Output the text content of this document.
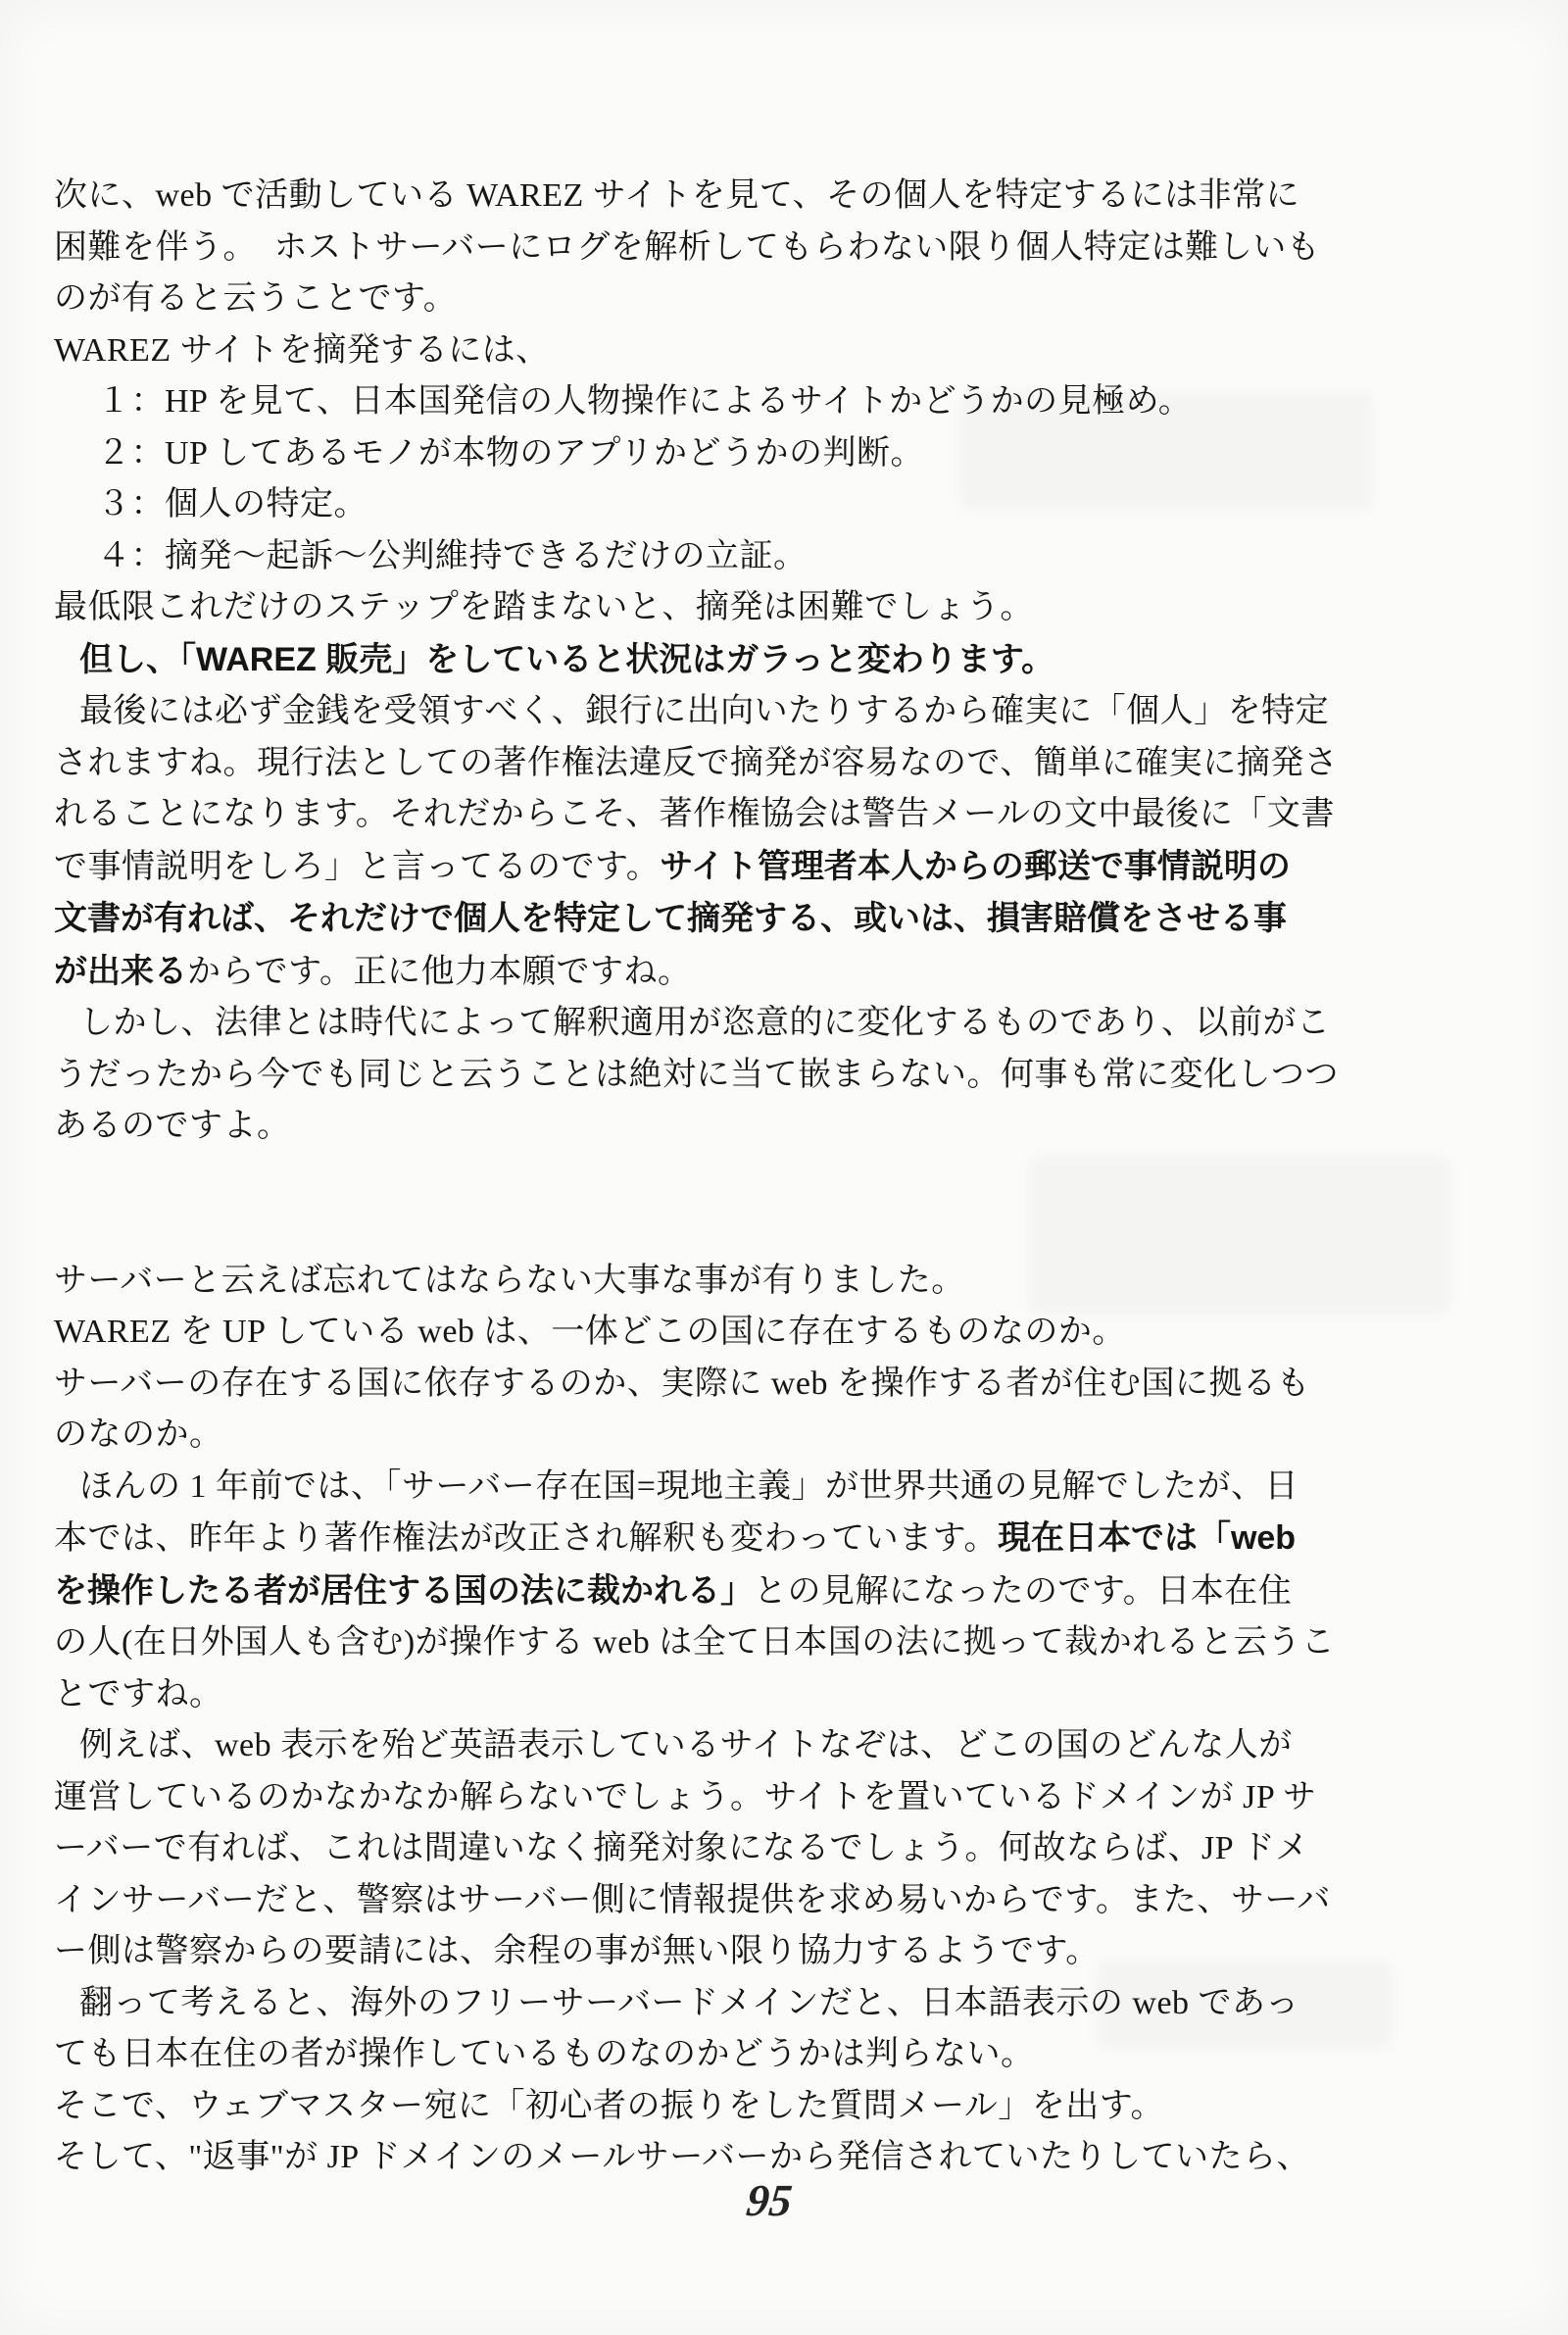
次に、web で活動している WAREZ サイトを見て、その個人を特定するには非常に
困難を伴う。　ホストサーバーにログを解析してもらわない限り個人特定は難しいも
のが有ると云うことです。
WAREZ サイトを摘発するには、
１：HP を見て、日本国発信の人物操作によるサイトかどうかの見極め。
２：UP してあるモノが本物のアプリかどうかの判断。
３：個人の特定。
４：摘発～起訴～公判維持できるだけの立証。
最低限これだけのステップを踏まないと、摘発は困難でしょう。
但し、「WAREZ 販売」をしていると状況はガラっと変わります。
最後には必ず金銭を受領すべく、銀行に出向いたりするから確実に「個人」を特定
されますね。現行法としての著作権法違反で摘発が容易なので、簡単に確実に摘発さ
れることになります。それだからこそ、著作権協会は警告メールの文中最後に「文書
で事情説明をしろ」と言ってるのです。サイト管理者本人からの郵送で事情説明の
文書が有れば、それだけで個人を特定して摘発する、或いは、損害賠償をさせる事
が出来るからです。正に他力本願ですね。
しかし、法律とは時代によって解釈適用が恣意的に変化するものであり、以前がこ
うだったから今でも同じと云うことは絶対に当て嵌まらない。何事も常に変化しつつ
あるのですよ。
サーバーと云えば忘れてはならない大事な事が有りました。
WAREZ を UP している web は、一体どこの国に存在するものなのか。
サーバーの存在する国に依存するのか、実際に web を操作する者が住む国に拠るも
のなのか。
ほんの 1 年前では、「サーバー存在国=現地主義」が世界共通の見解でしたが、日
本では、昨年より著作権法が改正され解釈も変わっています。現在日本では「web
を操作したる者が居住する国の法に裁かれる」との見解になったのです。日本在住
の人(在日外国人も含む)が操作する web は全て日本国の法に拠って裁かれると云うこ
とですね。
例えば、web 表示を殆ど英語表示しているサイトなぞは、どこの国のどんな人が
運営しているのかなかなか解らないでしょう。サイトを置いているドメインが JP サ
ーバーで有れば、これは間違いなく摘発対象になるでしょう。何故ならば、JP ドメ
インサーバーだと、警察はサーバー側に情報提供を求め易いからです。また、サーバ
ー側は警察からの要請には、余程の事が無い限り協力するようです。
翻って考えると、海外のフリーサーバードメインだと、日本語表示の web であっ
ても日本在住の者が操作しているものなのかどうかは判らない。
そこで、ウェブマスター宛に「初心者の振りをした質問メール」を出す。
そして、"返事"が JP ドメインのメールサーバーから発信されていたりしていたら、
95
